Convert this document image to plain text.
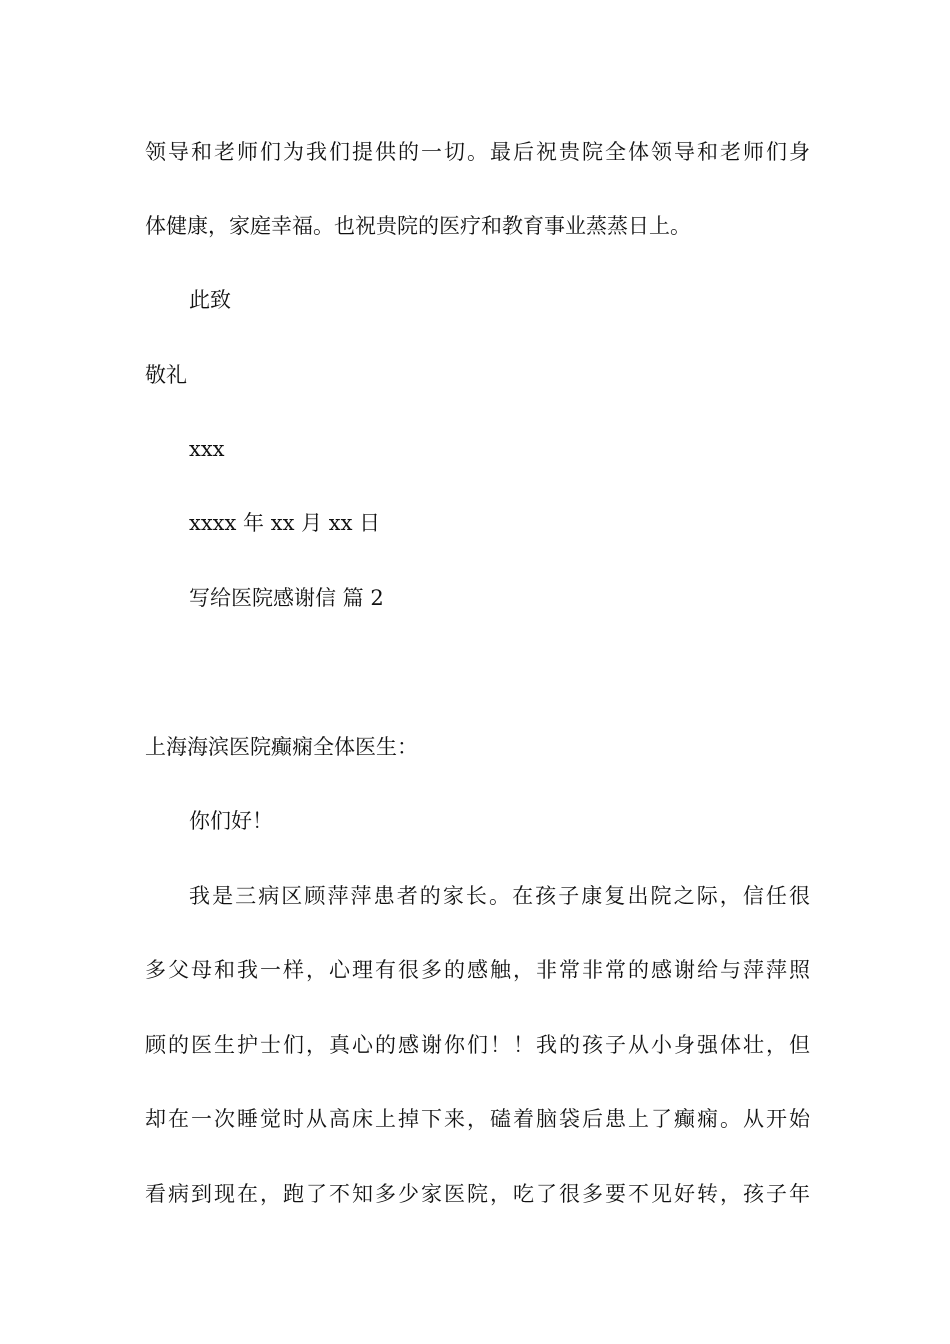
领导和老师们为我们提供的一切。最后祝贵院全体领导和老师们身
体健康，家庭幸福。也祝贵院的医疗和教育事业蒸蒸日上。
此致
敬礼
xxx
xxxx 年 xx 月 xx 日
写给医院感谢信 篇 2
上海海滨医院癫痫全体医生：
你们好！
我是三病区顾萍萍患者的家长。在孩子康复出院之际，信任很
多父母和我一样，心理有很多的感触，非常非常的感谢给与萍萍照
顾的医生护士们，真心的感谢你们！！我的孩子从小身强体壮，但
却在一次睡觉时从高床上掉下来，磕着脑袋后患上了癫痫。从开始
看病到现在，跑了不知多少家医院，吃了很多要不见好转，孩子年
